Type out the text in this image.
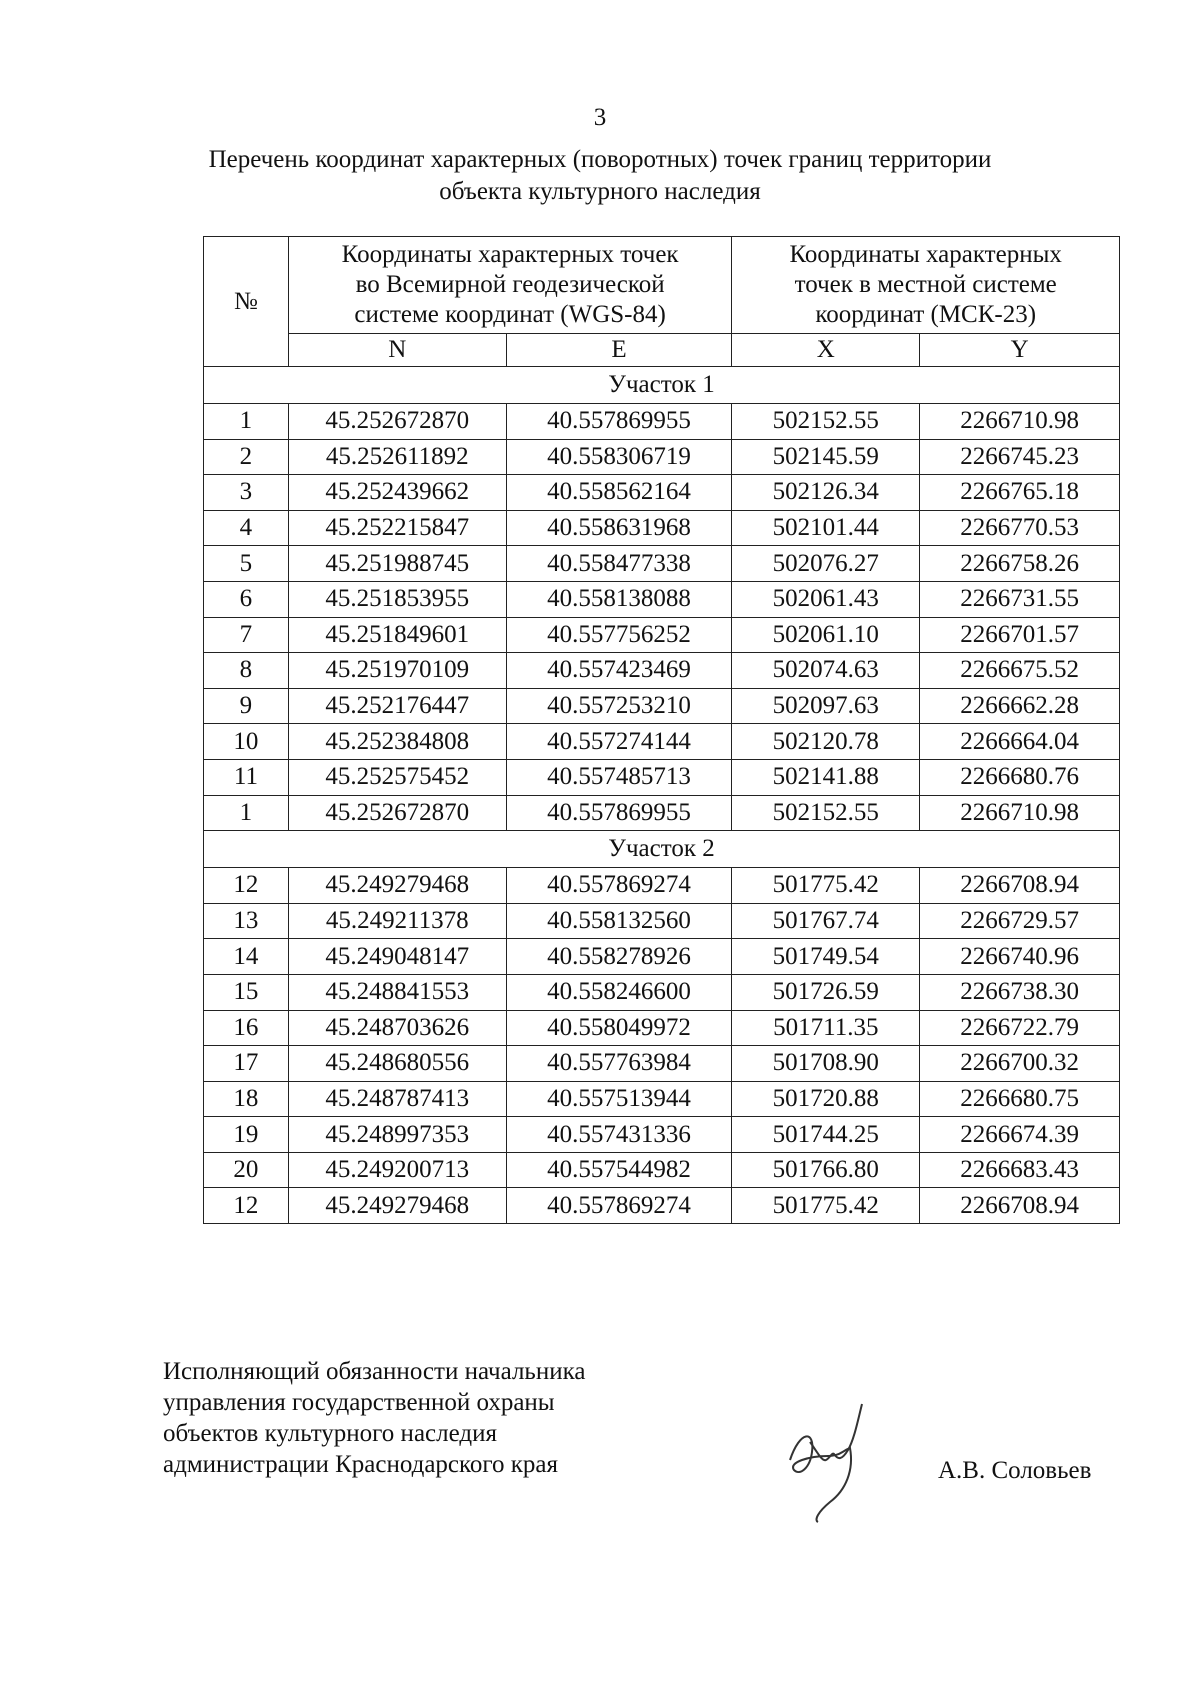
3
Перечень координат характерных (поворотных) точек границ территории
объекта культурного наследия
№	Координаты характерных точек
во Всемирной геодезической
системе координат (WGS-84)		Координаты характерных
точек в местной системе
координат (МСК-23)	

	N	E	X	Y
Участок 1				
1	45.252672870	40.557869955	502152.55	2266710.98
2	45.252611892	40.558306719	502145.59	2266745.23
3	45.252439662	40.558562164	502126.34	2266765.18
4	45.252215847	40.558631968	502101.44	2266770.53
5	45.251988745	40.558477338	502076.27	2266758.26
6	45.251853955	40.558138088	502061.43	2266731.55
7	45.251849601	40.557756252	502061.10	2266701.57
8	45.251970109	40.557423469	502074.63	2266675.52
9	45.252176447	40.557253210	502097.63	2266662.28
10	45.252384808	40.557274144	502120.78	2266664.04
11	45.252575452	40.557485713	502141.88	2266680.76
1	45.252672870	40.557869955	502152.55	2266710.98
Участок 2				
12	45.249279468	40.557869274	501775.42	2266708.94
13	45.249211378	40.558132560	501767.74	2266729.57
14	45.249048147	40.558278926	501749.54	2266740.96
15	45.248841553	40.558246600	501726.59	2266738.30
16	45.248703626	40.558049972	501711.35	2266722.79
17	45.248680556	40.557763984	501708.90	2266700.32
18	45.248787413	40.557513944	501720.88	2266680.75
19	45.248997353	40.557431336	501744.25	2266674.39
20	45.249200713	40.557544982	501766.80	2266683.43
12	45.249279468	40.557869274	501775.42	2266708.94
Исполняющий обязанности начальника
управления государственной охраны
объектов культурного наследия
администрации Краснодарского края	А.В. Соловьев
